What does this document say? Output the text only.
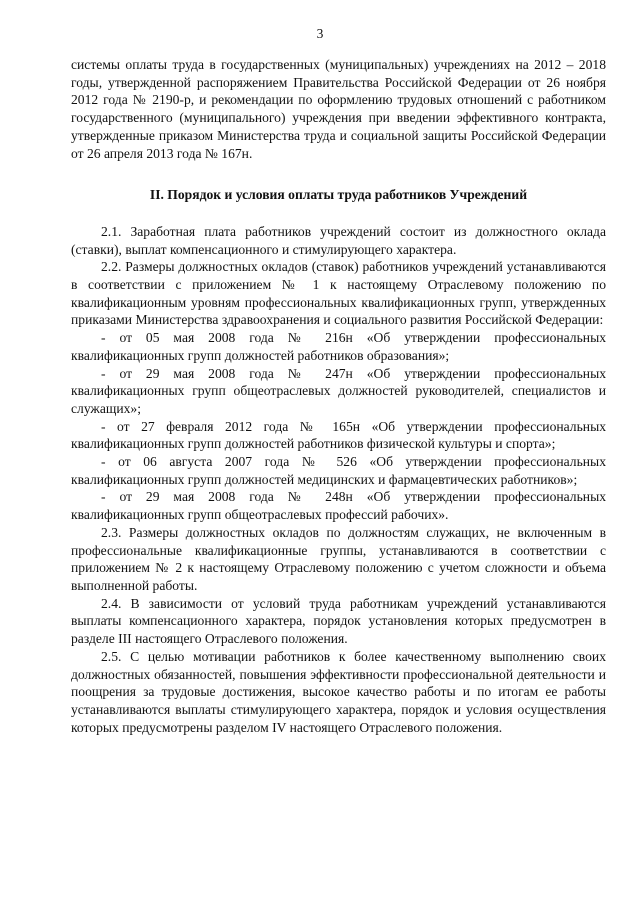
3

системы оплаты труда в государственных (муниципальных) учреждениях на 2012 – 2018 годы, утвержденной распоряжением Правительства Российской Федерации от 26 ноября 2012 года № 2190-р, и рекомендации по оформлению трудовых отношений с работником государственного (муниципального) учреждения при введении эффективного контракта, утвержденные приказом Министерства труда и социальной защиты Российской Федерации от 26 апреля 2013 года № 167н.

II. Порядок и условия оплаты труда работников Учреждений

2.1. Заработная плата работников учреждений состоит из должностного оклада (ставки), выплат компенсационного и стимулирующего характера.

2.2. Размеры должностных окладов (ставок) работников учреждений устанавливаются в соответствии с приложением № 1 к настоящему Отраслевому положению по квалификационным уровням профессиональных квалификационных групп, утвержденных приказами Министерства здравоохранения и социального развития Российской Федерации:

- от 05 мая 2008 года № 216н «Об утверждении профессиональных квалификационных групп должностей работников образования»;

- от 29 мая 2008 года № 247н «Об утверждении профессиональных квалификационных групп общеотраслевых должностей руководителей, специалистов и служащих»;

- от 27 февраля 2012 года № 165н «Об утверждении профессиональных квалификационных групп должностей работников физической культуры и спорта»;

- от 06 августа 2007 года № 526 «Об утверждении профессиональных квалификационных групп должностей медицинских и фармацевтических работников»;

- от 29 мая 2008 года № 248н «Об утверждении профессиональных квалификационных групп общеотраслевых профессий рабочих».

2.3. Размеры должностных окладов по должностям служащих, не включенным в профессиональные квалификационные группы, устанавливаются в соответствии с приложением № 2 к настоящему Отраслевому положению с учетом сложности и объема выполненной работы.

2.4. В зависимости от условий труда работникам учреждений устанавливаются выплаты компенсационного характера, порядок установления которых предусмотрен в разделе III настоящего Отраслевого положения.

2.5. С целью мотивации работников к более качественному выполнению своих должностных обязанностей, повышения эффективности профессиональной деятельности и поощрения за трудовые достижения, высокое качество работы и по итогам ее работы устанавливаются выплаты стимулирующего характера, порядок и условия осуществления которых предусмотрены разделом IV настоящего Отраслевого положения.
